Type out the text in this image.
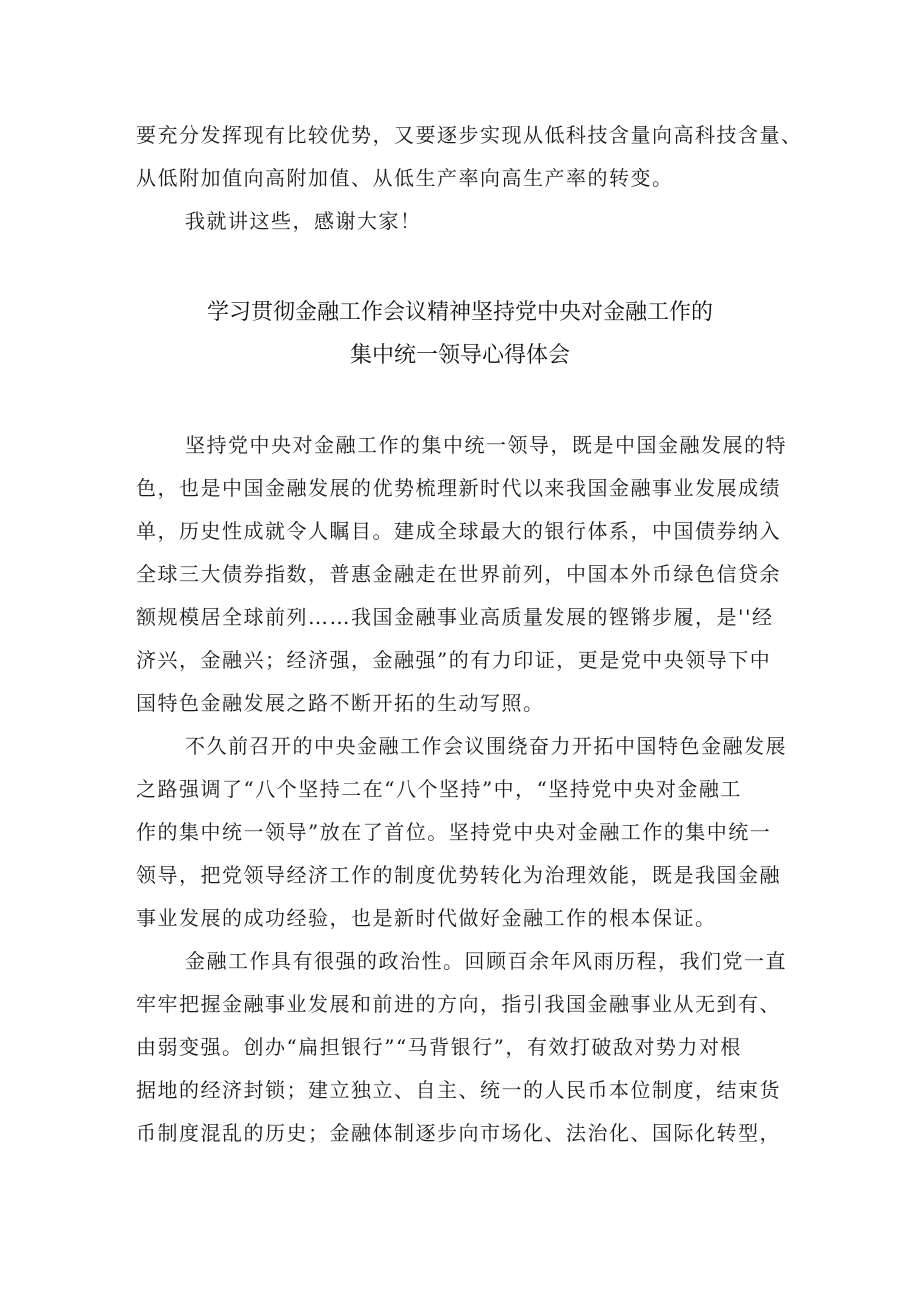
要充分发挥现有比较优势，又要逐步实现从低科技含量向高科技含量、
从低附加值向高附加值、从低生产率向高生产率的转变。
我就讲这些，感谢大家！
学习贯彻金融工作会议精神坚持党中央对金融工作的
集中统一领导心得体会
坚持党中央对金融工作的集中统一领导，既是中国金融发展的特
色，也是中国金融发展的优势梳理新时代以来我国金融事业发展成绩
单，历史性成就令人瞩目。建成全球最大的银行体系，中国债券纳入
全球三大债券指数，普惠金融走在世界前列，中国本外币绿色信贷余
额规模居全球前列……我国金融事业高质量发展的铿锵步履，是''经
济兴，金融兴；经济强，金融强”的有力印证，更是党中央领导下中
国特色金融发展之路不断开拓的生动写照。
不久前召开的中央金融工作会议围绕奋力开拓中国特色金融发展
之路强调了“八个坚持二在“八个坚持”中，“坚持党中央对金融工
作的集中统一领导”放在了首位。坚持党中央对金融工作的集中统一
领导，把党领导经济工作的制度优势转化为治理效能，既是我国金融
事业发展的成功经验，也是新时代做好金融工作的根本保证。
金融工作具有很强的政治性。回顾百余年风雨历程，我们党一直
牢牢把握金融事业发展和前进的方向，指引我国金融事业从无到有、
由弱变强。创办“扁担银行”“马背银行”，有效打破敌对势力对根
据地的经济封锁；建立独立、自主、统一的人民币本位制度，结束货
币制度混乱的历史；金融体制逐步向市场化、法治化、国际化转型，
